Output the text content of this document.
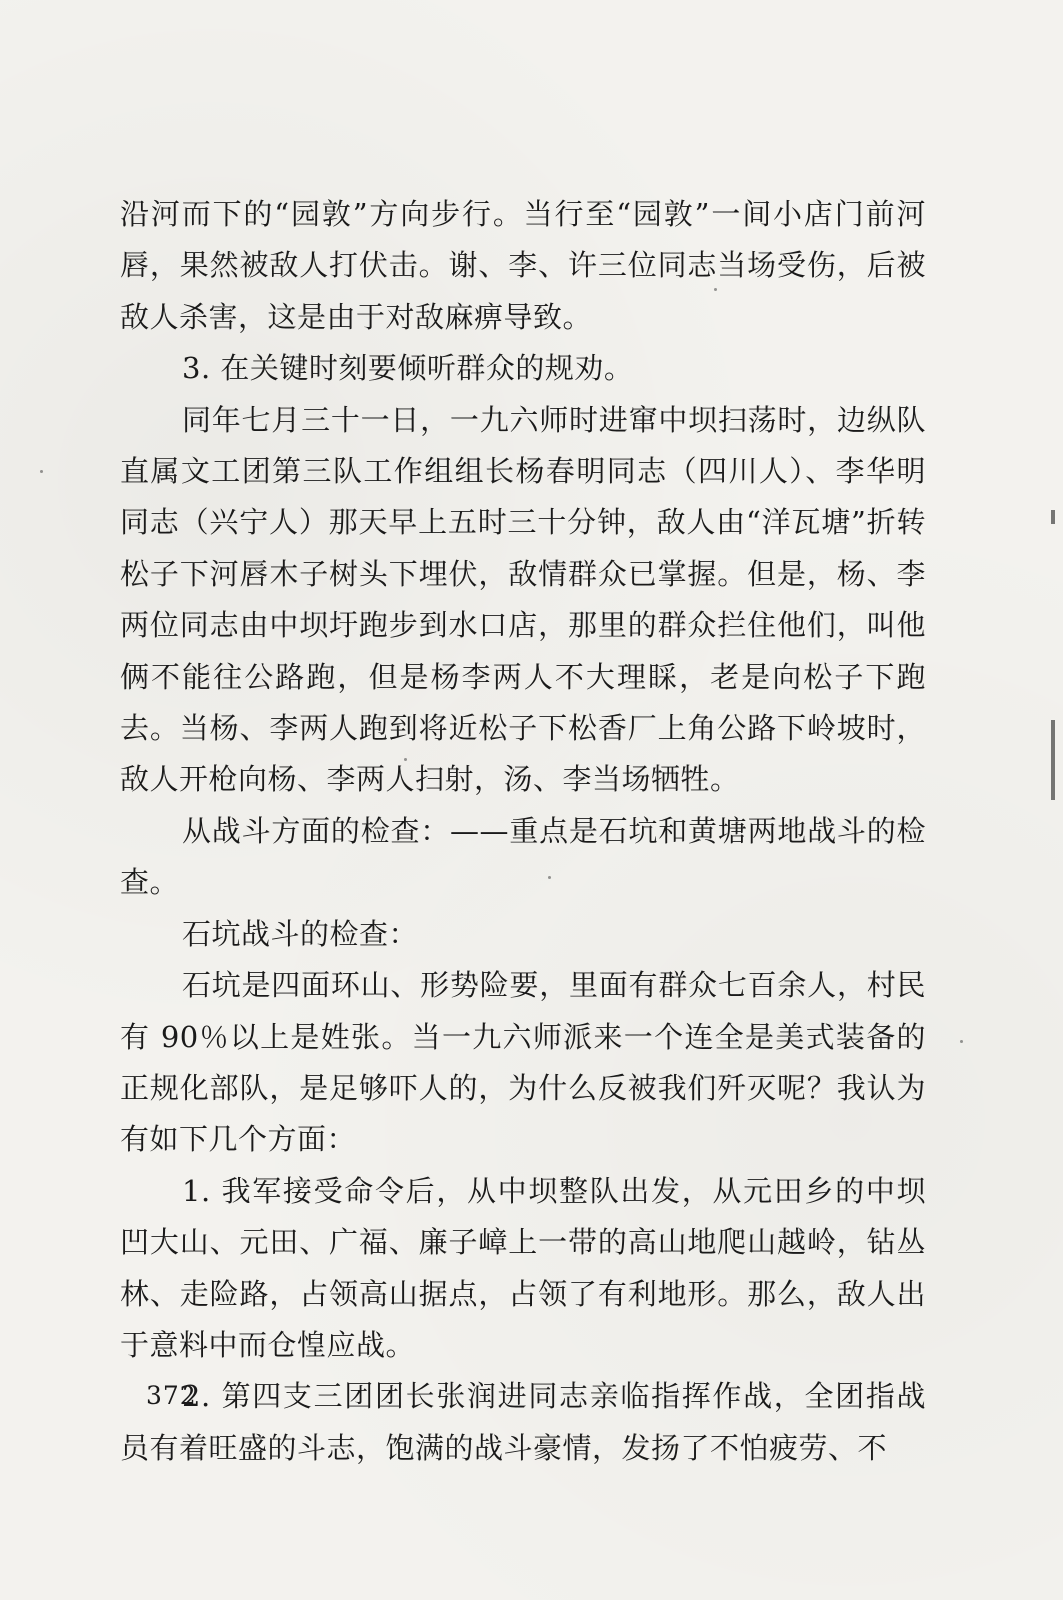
沿河而下的“园敦”方向步行。当行至“园敦”一间小店门前河唇，果然被敌人打伏击。谢、李、许三位同志当场受伤，后被敌人杀害，这是由于对敌麻痹导致。

3. 在关键时刻要倾听群众的规劝。

同年七月三十一日，一九六师时进窜中坝扫荡时，边纵队直属文工团第三队工作组组长杨春明同志（四川人）、李华明同志（兴宁人）那天早上五时三十分钟，敌人由“洋瓦塘”折转松子下河唇木子树头下埋伏，敌情群众已掌握。但是，杨、李两位同志由中坝圩跑步到水口店，那里的群众拦住他们，叫他俩不能往公路跑，但是杨李两人不大理睬，老是向松子下跑去。当杨、李两人跑到将近松子下松香厂上角公路下岭坡时，敌人开枪向杨、李两人扫射，汤、李当场牺牲。

从战斗方面的检查：——重点是石坑和黄塘两地战斗的检查。

石坑战斗的检查：

石坑是四面环山、形势险要，里面有群众七百余人，村民有 90％以上是姓张。当一九六师派来一个连全是美式装备的正规化部队，是足够吓人的，为什么反被我们歼灭呢？我认为有如下几个方面：

1. 我军接受命令后，从中坝整队出发，从元田乡的中坝凹大山、元田、广福、廉子嶂上一带的高山地爬山越岭，钻丛林、走险路，占领高山据点，占领了有利地形。那么，敌人出于意料中而仓惶应战。

2. 第四支三团团长张润进同志亲临指挥作战，全团指战员有着旺盛的斗志，饱满的战斗豪情，发扬了不怕疲劳、不

372
